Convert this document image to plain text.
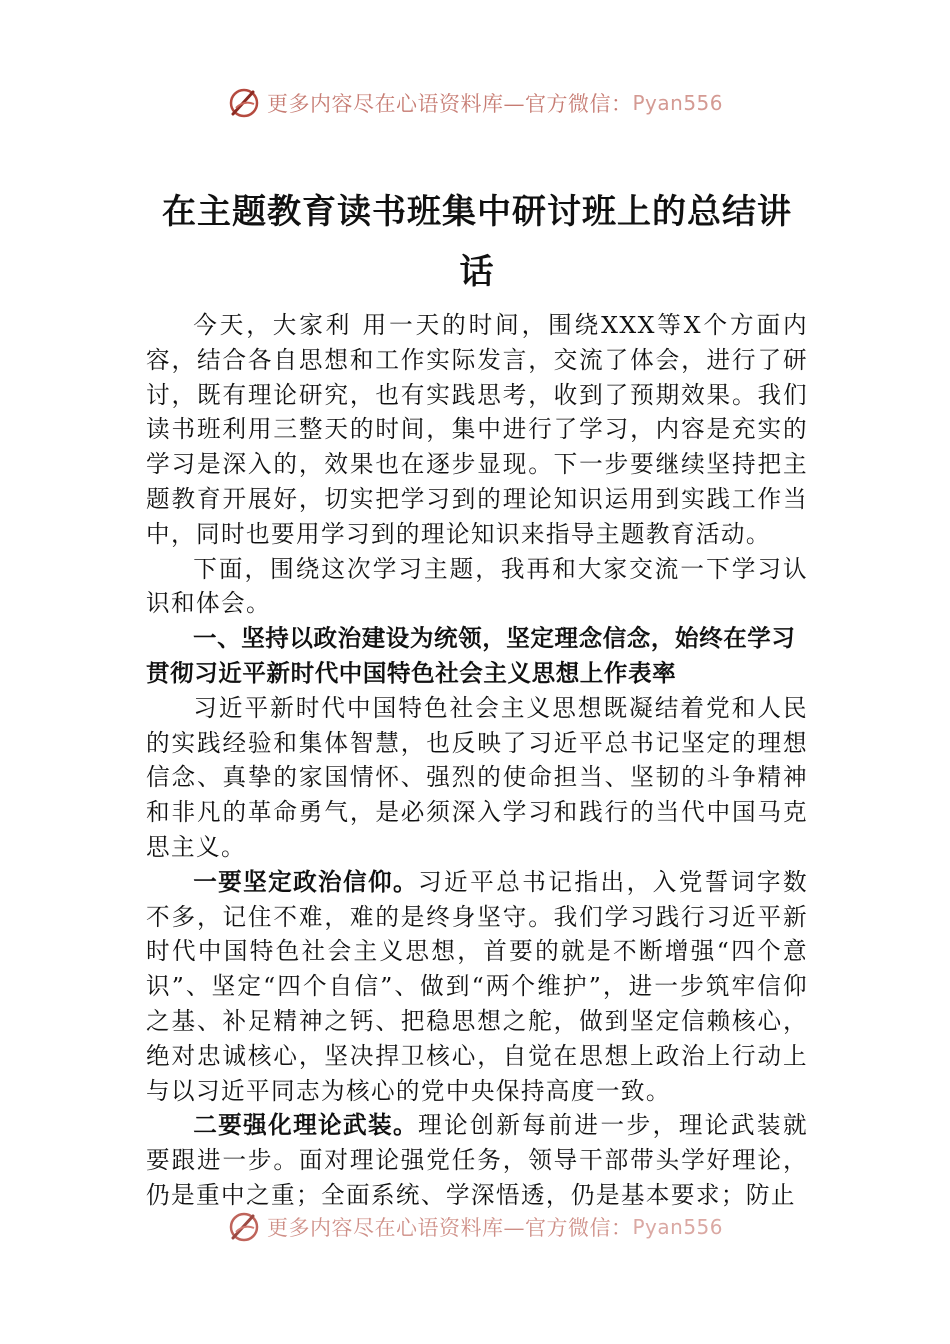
更多内容尽在心语资料库—官方微信： Pyan556
在主题教育读书班集中研讨班上的总结讲
话

今天，大家利 用一天的时间，围绕XXX等X个方面内容，结合各自思想和工作实际发言，交流了体会，进行了研讨，既有理论研究，也有实践思考，收到了预期效果。我们读书班利用三整天的时间，集中进行了学习，内容是充实的学习是深入的，效果也在逐步显现。下一步要继续坚持把主题教育开展好，切实把学习到的理论知识运用到实践工作当中，同时也要用学习到的理论知识来指导主题教育活动。

下面，围绕这次学习主题，我再和大家交流一下学习认识和体会。

一、坚持以政治建设为统领，坚定理念信念，始终在学习贯彻习近平新时代中国特色社会主义思想上作表率

习近平新时代中国特色社会主义思想既凝结着党和人民的实践经验和集体智慧，也反映了习近平总书记坚定的理想信念、真挚的家国情怀、强烈的使命担当、坚韧的斗争精神和非凡的革命勇气，是必须深入学习和践行的当代中国马克思主义。

一要坚定政治信仰。习近平总书记指出，入党誓词字数不多，记住不难，难的是终身坚守。我们学习践行习近平新时代中国特色社会主义思想，首要的就是不断增强“四个意识”、坚定“四个自信”、做到“两个维护”，进一步筑牢信仰之基、补足精神之钙、把稳思想之舵，做到坚定信赖核心，绝对忠诚核心，坚决捍卫核心，自觉在思想上政治上行动上与以习近平同志为核心的党中央保持高度一致。

二要强化理论武装。理论创新每前进一步，理论武装就要跟进一步。面对理论强党任务，领导干部带头学好理论，仍是重中之重；全面系统、学深悟透，仍是基本要求；防止

更多内容尽在心语资料库—官方微信： Pyan556
